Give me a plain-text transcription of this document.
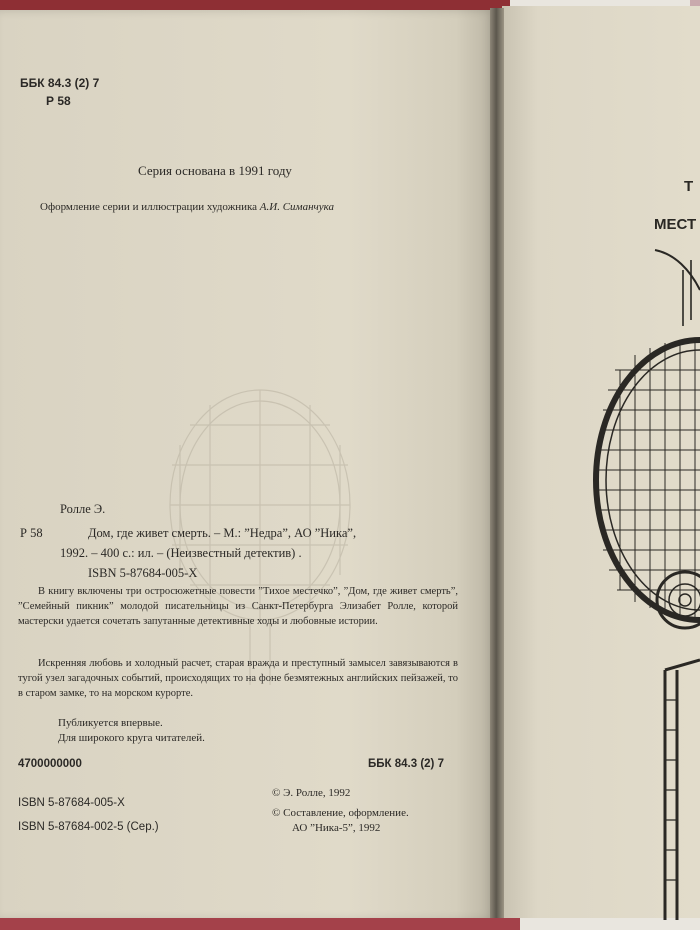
ББК 84.3 (2) 7
Р 58
Серия основана в 1991 году
Оформление серии и иллюстрации художника А.И. Симанчука
Ролле Э.
Р 58	Дом, где живет смерть. – М.: ”Недра”, АО ”Ника”,
1992. – 400 с.: ил. – (Неизвестный детектив) .
ISBN 5-87684-005-X
В книгу включены три остросюжетные повести ”Тихое местечко”, ”Дом, где живет смерть”, ”Семейный пикник” молодой писательницы из Санкт-Петербурга Элизабет Ролле, которой мастерски удается сочетать запутанные детективные ходы и любовные истории.
Искренняя любовь и холодный расчет, старая вражда и преступный замысел завязываются в тугой узел загадочных событий, происходящих то на фоне безмятежных английских пейзажей, то в старом замке, то на морском курорте.
Публикуется впервые.
Для широкого круга читателей.
4700000000	ББК 84.3 (2) 7
ISBN 5-87684-005-X
ISBN 5-87684-002-5 (Сер.)
© Э. Ролле, 1992
© Составление, оформление.
АО ”Ника-5”, 1992
Т
МЕСТ
